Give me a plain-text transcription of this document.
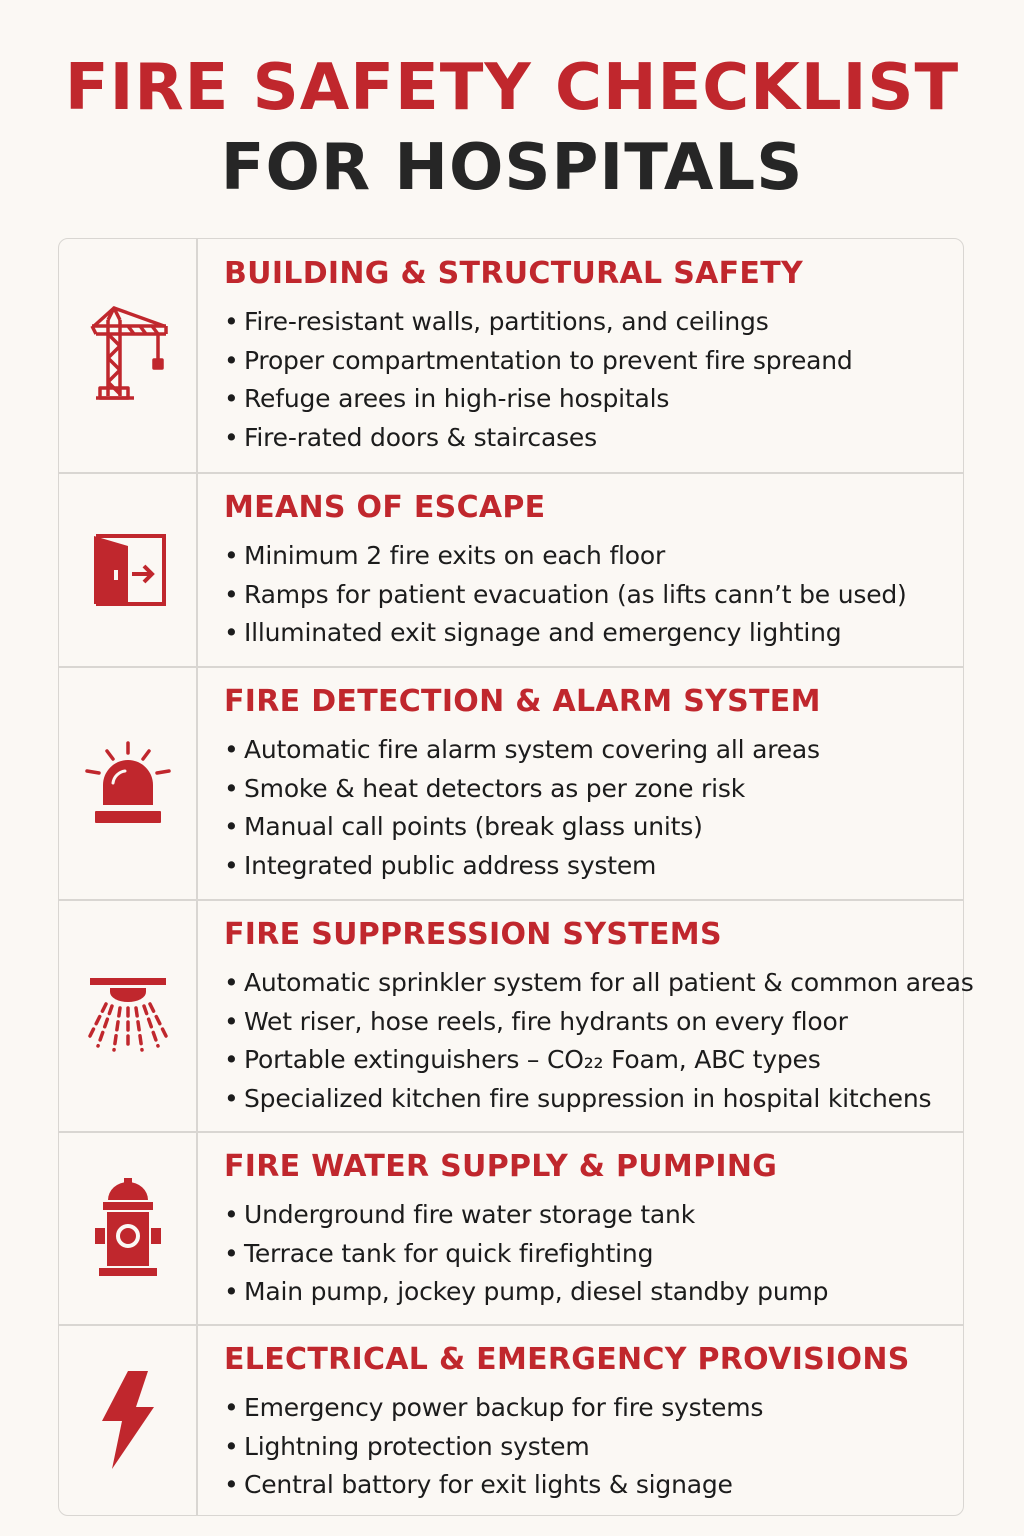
FIRE SAFETY CHECKLIST
FOR HOSPITALS
BUILDING & STRUCTURAL SAFETY
• Fire-resistant walls, partitions, and ceilings
• Proper compartmentation to prevent fire spreand
• Refuge arees in high-rise hospitals
• Fire-rated doors & staircases
MEANS OF ESCAPE
• Minimum 2 fire exits on each floor
• Ramps for patient evacuation (as lifts cann’t be used)
• Illuminated exit signage and emergency lighting
FIRE DETECTION & ALARM SYSTEM
• Automatic fire alarm system covering all areas
• Smoke & heat detectors as per zone risk
• Manual call points (break glass units)
• Integrated public address system
FIRE SUPPRESSION SYSTEMS
• Automatic sprinkler system for all patient & common areas
• Wet riser, hose reels, fire hydrants on every floor
• Portable extinguishers – CO₂₂ Foam, ABC types
• Specialized kitchen fire suppression in hospital kitchens
FIRE WATER SUPPLY & PUMPING
• Underground fire water storage tank
• Terrace tank for quick firefighting
• Main pump, jockey pump, diesel standby pump
ELECTRICAL & EMERGENCY PROVISIONS
• Emergency power backup for fire systems
• Lightning protection system
• Central battory for exit lights & signage
